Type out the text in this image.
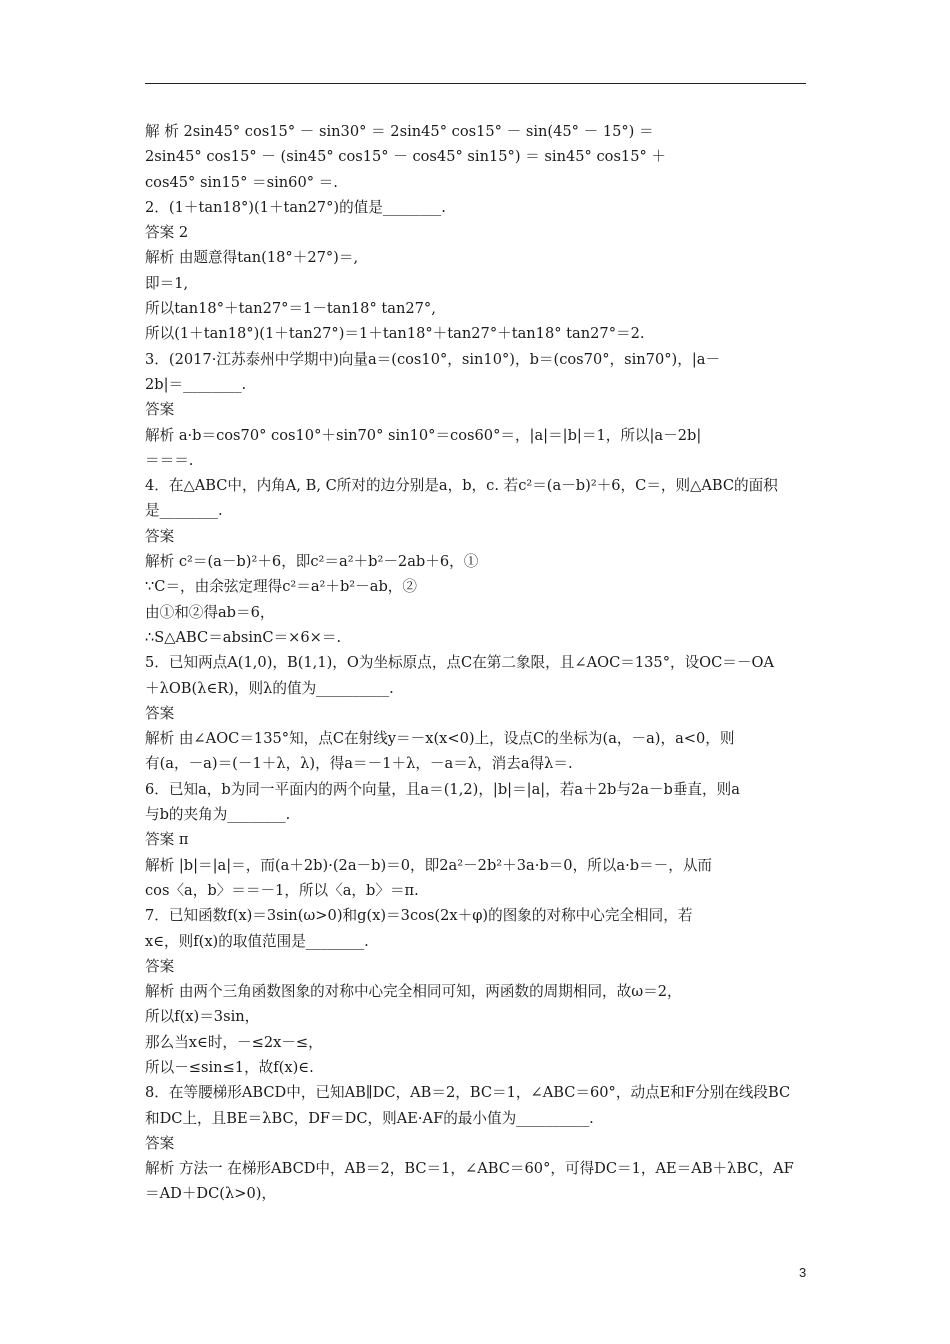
解 析 2sin45° cos15° － sin30° ＝ 2sin45° cos15° － sin(45° － 15°) ＝
2sin45° cos15° － (sin45° cos15° － cos45° sin15°) ＝ sin45° cos15° ＋
cos45° sin15° ＝sin60° ＝.
2．(1＋tan18°)(1＋tan27°)的值是________.
答案 2
解析 由题意得tan(18°＋27°)＝,
即＝1,
所以tan18°＋tan27°＝1－tan18° tan27°,
所以(1＋tan18°)(1＋tan27°)＝1＋tan18°＋tan27°＋tan18° tan27°＝2.
3．(2017·江苏泰州中学期中)向量a＝(cos10°，sin10°)，b＝(cos70°，sin70°)，|a－
2b|＝________.
答案
解析 a·b＝cos70° cos10°＋sin70° sin10°＝cos60°＝，|a|＝|b|＝1，所以|a－2b|
＝＝＝.
4．在△ABC中，内角A, B, C所对的边分别是a，b，c. 若c²＝(a－b)²＋6，C＝，则△ABC的面积
是________.
答案
解析 c²＝(a－b)²＋6，即c²＝a²＋b²－2ab＋6，①
∵C＝，由余弦定理得c²＝a²＋b²－ab，②
由①和②得ab＝6，
∴S△ABC＝absinC＝×6×＝.
5．已知两点A(1,0)，B(1,1)，O为坐标原点，点C在第二象限，且∠AOC＝135°，设OC＝－OA
＋λOB(λ∈R)，则λ的值为__________.
答案
解析 由∠AOC＝135°知，点C在射线y＝－x(x<0)上，设点C的坐标为(a，－a)，a<0，则
有(a，－a)＝(－1＋λ，λ)，得a＝－1＋λ，－a＝λ，消去a得λ＝.
6．已知a，b为同一平面内的两个向量，且a＝(1,2)，|b|＝|a|，若a＋2b与2a－b垂直，则a
与b的夹角为________.
答案 π
解析 |b|＝|a|＝，而(a＋2b)·(2a－b)＝0，即2a²－2b²＋3a·b＝0，所以a·b＝－，从而
cos〈a，b〉＝＝－1，所以〈a，b〉＝π.
7．已知函数f(x)＝3sin(ω>0)和g(x)＝3cos(2x＋φ)的图象的对称中心完全相同，若
x∈，则f(x)的取值范围是________.
答案
解析 由两个三角函数图象的对称中心完全相同可知，两函数的周期相同，故ω＝2，
所以f(x)＝3sin，
那么当x∈时，－≤2x－≤，
所以－≤sin≤1，故f(x)∈.
8．在等腰梯形ABCD中，已知AB∥DC，AB＝2，BC＝1，∠ABC＝60°，动点E和F分别在线段BC
和DC上，且BE＝λBC，DF＝DC，则AE·AF的最小值为__________.
答案
解析 方法一 在梯形ABCD中，AB＝2，BC＝1，∠ABC＝60°，可得DC＝1，AE＝AB＋λBC，AF
＝AD＋DC(λ>0)，
3
